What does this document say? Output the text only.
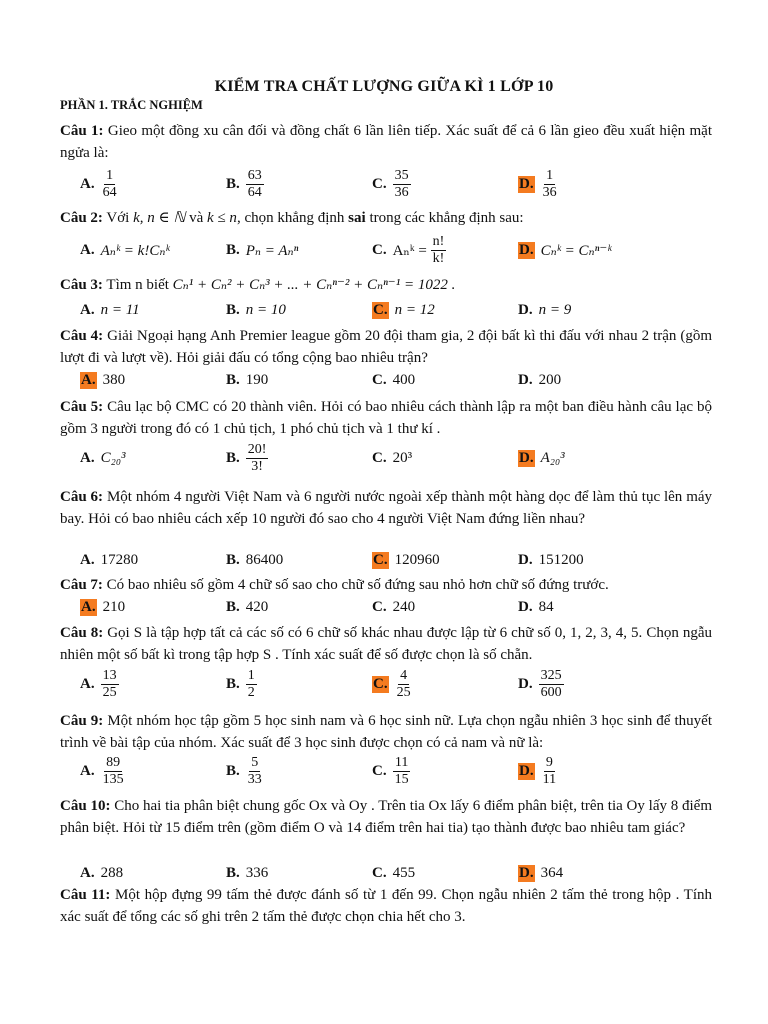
KIỂM TRA CHẤT LƯỢNG GIỮA KÌ 1 LỚP 10
PHẦN 1. TRẮC NGHIỆM
Câu 1: Gieo một đồng xu cân đối và đồng chất 6 lần liên tiếp. Xác suất để cả 6 lần gieo đều xuất hiện mặt ngửa là:
A. $\frac{1}{64}$	B. $\frac{63}{64}$	C. $\frac{35}{36}$	D. $\frac{1}{36}$
Câu 2: Với k, n ∈ ℕ và k ≤ n, chọn khẳng định sai trong các khẳng định sau:
A. Aₙᵏ = k!Cₙᵏ	B. Pₙ = Aₙⁿ	C. Aₙᵏ =
$\frac{n!}{k!}$	D. Cₙᵏ = Cₙⁿ⁻ᵏ
Câu 3: Tìm n biết Cₙ¹ + Cₙ² + Cₙ³ + ... + Cₙⁿ⁻² + Cₙⁿ⁻¹ = 1022 .
A. n = 11	B. n = 10	C. n = 12	D. n = 9
Câu 4: Giải Ngoại hạng Anh Premier league gồm 20 đội tham gia, 2 đội bất kì thi đấu với nhau 2 trận (gồm lượt đi và lượt về). Hỏi giải đấu có tổng cộng bao nhiêu trận?
A. 380	B. 190	C. 400	D. 200
Câu 5: Câu lạc bộ CMC có 20 thành viên. Hỏi có bao nhiêu cách thành lập ra một ban điều hành câu lạc bộ gồm 3 người trong đó có 1 chủ tịch, 1 phó chủ tịch và 1 thư kí .
A. C₂₀³	B. $\frac{20!}{3!}$	C. 20³	D. A₂₀³
Câu 6: Một nhóm 4 người Việt Nam và 6 người nước ngoài xếp thành một hàng dọc để làm thủ tục lên máy bay. Hỏi có bao nhiêu cách xếp 10 người đó sao cho 4 người Việt Nam đứng liền nhau?
A. 17280	B. 86400	C. 120960	D. 151200
Câu 7: Có bao nhiêu số gồm 4 chữ số sao cho chữ số đứng sau nhỏ hơn chữ số đứng trước.
A. 210	B. 420	C. 240	D. 84
Câu 8: Gọi S là tập hợp tất cả các số có 6 chữ số khác nhau được lập từ 6 chữ số 0, 1, 2, 3, 4, 5. Chọn ngẫu nhiên một số bất kì trong tập hợp S . Tính xác suất để số được chọn là số chẵn.
A. $\frac{13}{25}$	B. $\frac{1}{2}$	C. $\frac{4}{25}$	D. $\frac{325}{600}$
Câu 9: Một nhóm học tập gồm 5 học sinh nam và 6 học sinh nữ. Lựa chọn ngẫu nhiên 3 học sinh để thuyết trình về bài tập của nhóm. Xác suất để 3 học sinh được chọn có cả nam và nữ là:
A. $\frac{89}{135}$	B. $\frac{5}{33}$	C. $\frac{11}{15}$	D. $\frac{9}{11}$
Câu 10: Cho hai tia phân biệt chung gốc Ox và Oy . Trên tia Ox lấy 6 điểm phân biệt, trên tia Oy lấy 8 điểm phân biệt. Hỏi từ 15 điểm trên (gồm điểm O và 14 điểm trên hai tia) tạo thành được bao nhiêu tam giác?
A. 288	B. 336	C. 455	D. 364
Câu 11: Một hộp đựng 99 tấm thẻ được đánh số từ 1 đến 99. Chọn ngẫu nhiên 2 tấm thẻ trong hộp . Tính xác suất để tổng các số ghi trên 2 tấm thẻ được chọn chia hết cho 3.
